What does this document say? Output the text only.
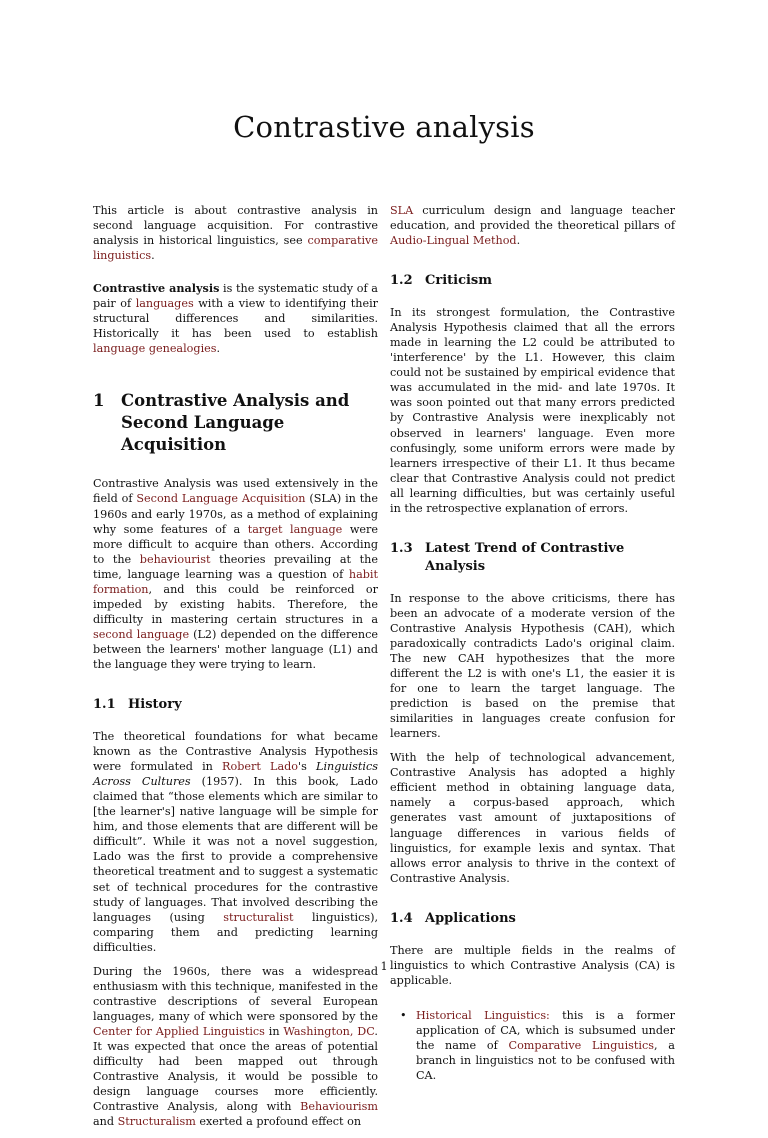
Contrastive analysis

This article is about contrastive analysis in second language acquisition. For contrastive analysis in historical linguistics, see comparative linguistics.

Contrastive analysis is the systematic study of a pair of languages with a view to identifying their structural differences and similarities. Historically it has been used to establish language genealogies.

1	Contrastive Analysis and Second Language Acquisition

Contrastive Analysis was used extensively in the field of Second Language Acquisition (SLA) in the 1960s and early 1970s, as a method of explaining why some features of a target language were more difficult to acquire than others. According to the behaviourist theories prevailing at the time, language learning was a question of habit formation, and this could be reinforced or impeded by existing habits. Therefore, the difficulty in mastering certain structures in a second language (L2) depended on the difference between the learners' mother language (L1) and the language they were trying to learn.

1.1 History

The theoretical foundations for what became known as the Contrastive Analysis Hypothesis were formulated in Robert Lado's Linguistics Across Cultures (1957). In this book, Lado claimed that “those elements which are similar to [the learner's] native language will be simple for him, and those elements that are different will be difficult”. While it was not a novel suggestion, Lado was the first to provide a comprehensive theoretical treatment and to suggest a systematic set of technical procedures for the contrastive study of languages. That involved describing the languages (using structuralist linguistics), comparing them and predicting learning difficulties.

During the 1960s, there was a widespread enthusiasm with this technique, manifested in the contrastive descriptions of several European languages, many of which were sponsored by the Center for Applied Linguistics in Washington, DC. It was expected that once the areas of potential difficulty had been mapped out through Contrastive Analysis, it would be possible to design language courses more efficiently. Contrastive Analysis, along with Behaviourism and Structuralism exerted a profound effect on

SLA curriculum design and language teacher education, and provided the theoretical pillars of Audio-Lingual Method.

1.2 Criticism

In its strongest formulation, the Contrastive Analysis Hypothesis claimed that all the errors made in learning the L2 could be attributed to 'interference' by the L1. However, this claim could not be sustained by empirical evidence that was accumulated in the mid- and late 1970s. It was soon pointed out that many errors predicted by Contrastive Analysis were inexplicably not observed in learners' language. Even more confusingly, some uniform errors were made by learners irrespective of their L1. It thus became clear that Contrastive Analysis could not predict all learning difficulties, but was certainly useful in the retrospective explanation of errors.

1.3 Latest Trend of Contrastive Analysis

In response to the above criticisms, there has been an advocate of a moderate version of the Contrastive Analysis Hypothesis (CAH), which paradoxically contradicts Lado's original claim. The new CAH hypothesizes that the more different the L2 is with one's L1, the easier it is for one to learn the target language. The prediction is based on the premise that similarities in languages create confusion for learners.

With the help of technological advancement, Contrastive Analysis has adopted a highly efficient method in obtaining language data, namely a corpus-based approach, which generates vast amount of juxtapositions of language differences in various fields of linguistics, for example lexis and syntax. That allows error analysis to thrive in the context of Contrastive Analysis.

1.4 Applications

There are multiple fields in the realms of linguistics to which Contrastive Analysis (CA) is applicable.

• Historical Linguistics: this is a former application of CA, which is subsumed under the name of Comparative Linguistics, a branch in linguistics not to be confused with CA.
1
